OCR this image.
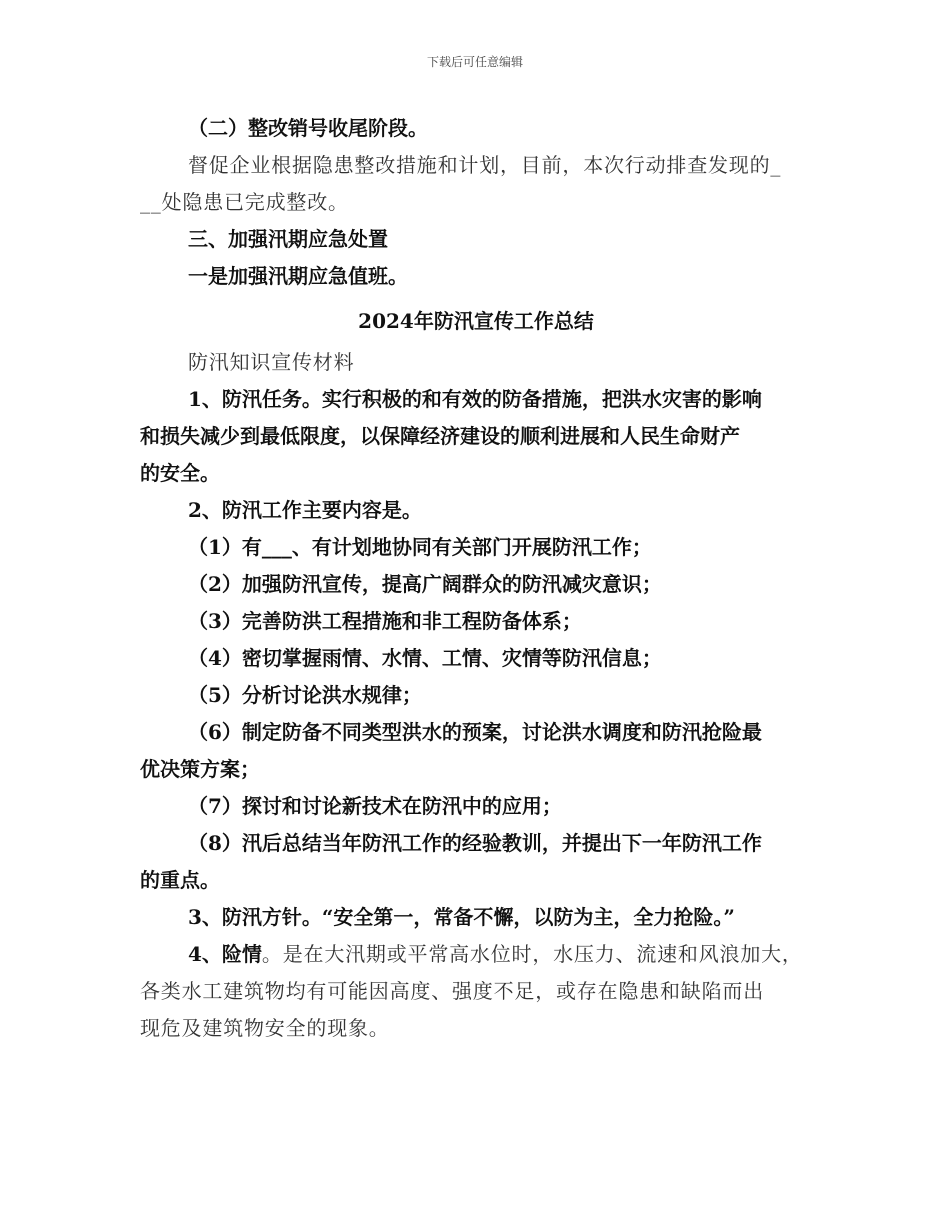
下载后可任意编辑

（二）整改销号收尾阶段。

督促企业根据隐患整改措施和计划，目前，本次行动排查发现的_

__处隐患已完成整改。

三、加强汛期应急处置

一是加强汛期应急值班。

2024年防汛宣传工作总结

防汛知识宣传材料

1、防汛任务。实行积极的和有效的防备措施，把洪水灾害的影响

和损失减少到最低限度，以保障经济建设的顺利进展和人民生命财产

的安全。

2、防汛工作主要内容是。

（1）有___、有计划地协同有关部门开展防汛工作；

（2）加强防汛宣传，提高广阔群众的防汛减灾意识；

（3）完善防洪工程措施和非工程防备体系；

（4）密切掌握雨情、水情、工情、灾情等防汛信息；

（5）分析讨论洪水规律；

（6）制定防备不同类型洪水的预案，讨论洪水调度和防汛抢险最

优决策方案；

（7）探讨和讨论新技术在防汛中的应用；

（8）汛后总结当年防汛工作的经验教训，并提出下一年防汛工作

的重点。

3、防汛方针。“安全第一，常备不懈，以防为主，全力抢险。”

4、险情。是在大汛期或平常高水位时，水压力、流速和风浪加大，

各类水工建筑物均有可能因高度、强度不足，或存在隐患和缺陷而出

现危及建筑物安全的现象。
